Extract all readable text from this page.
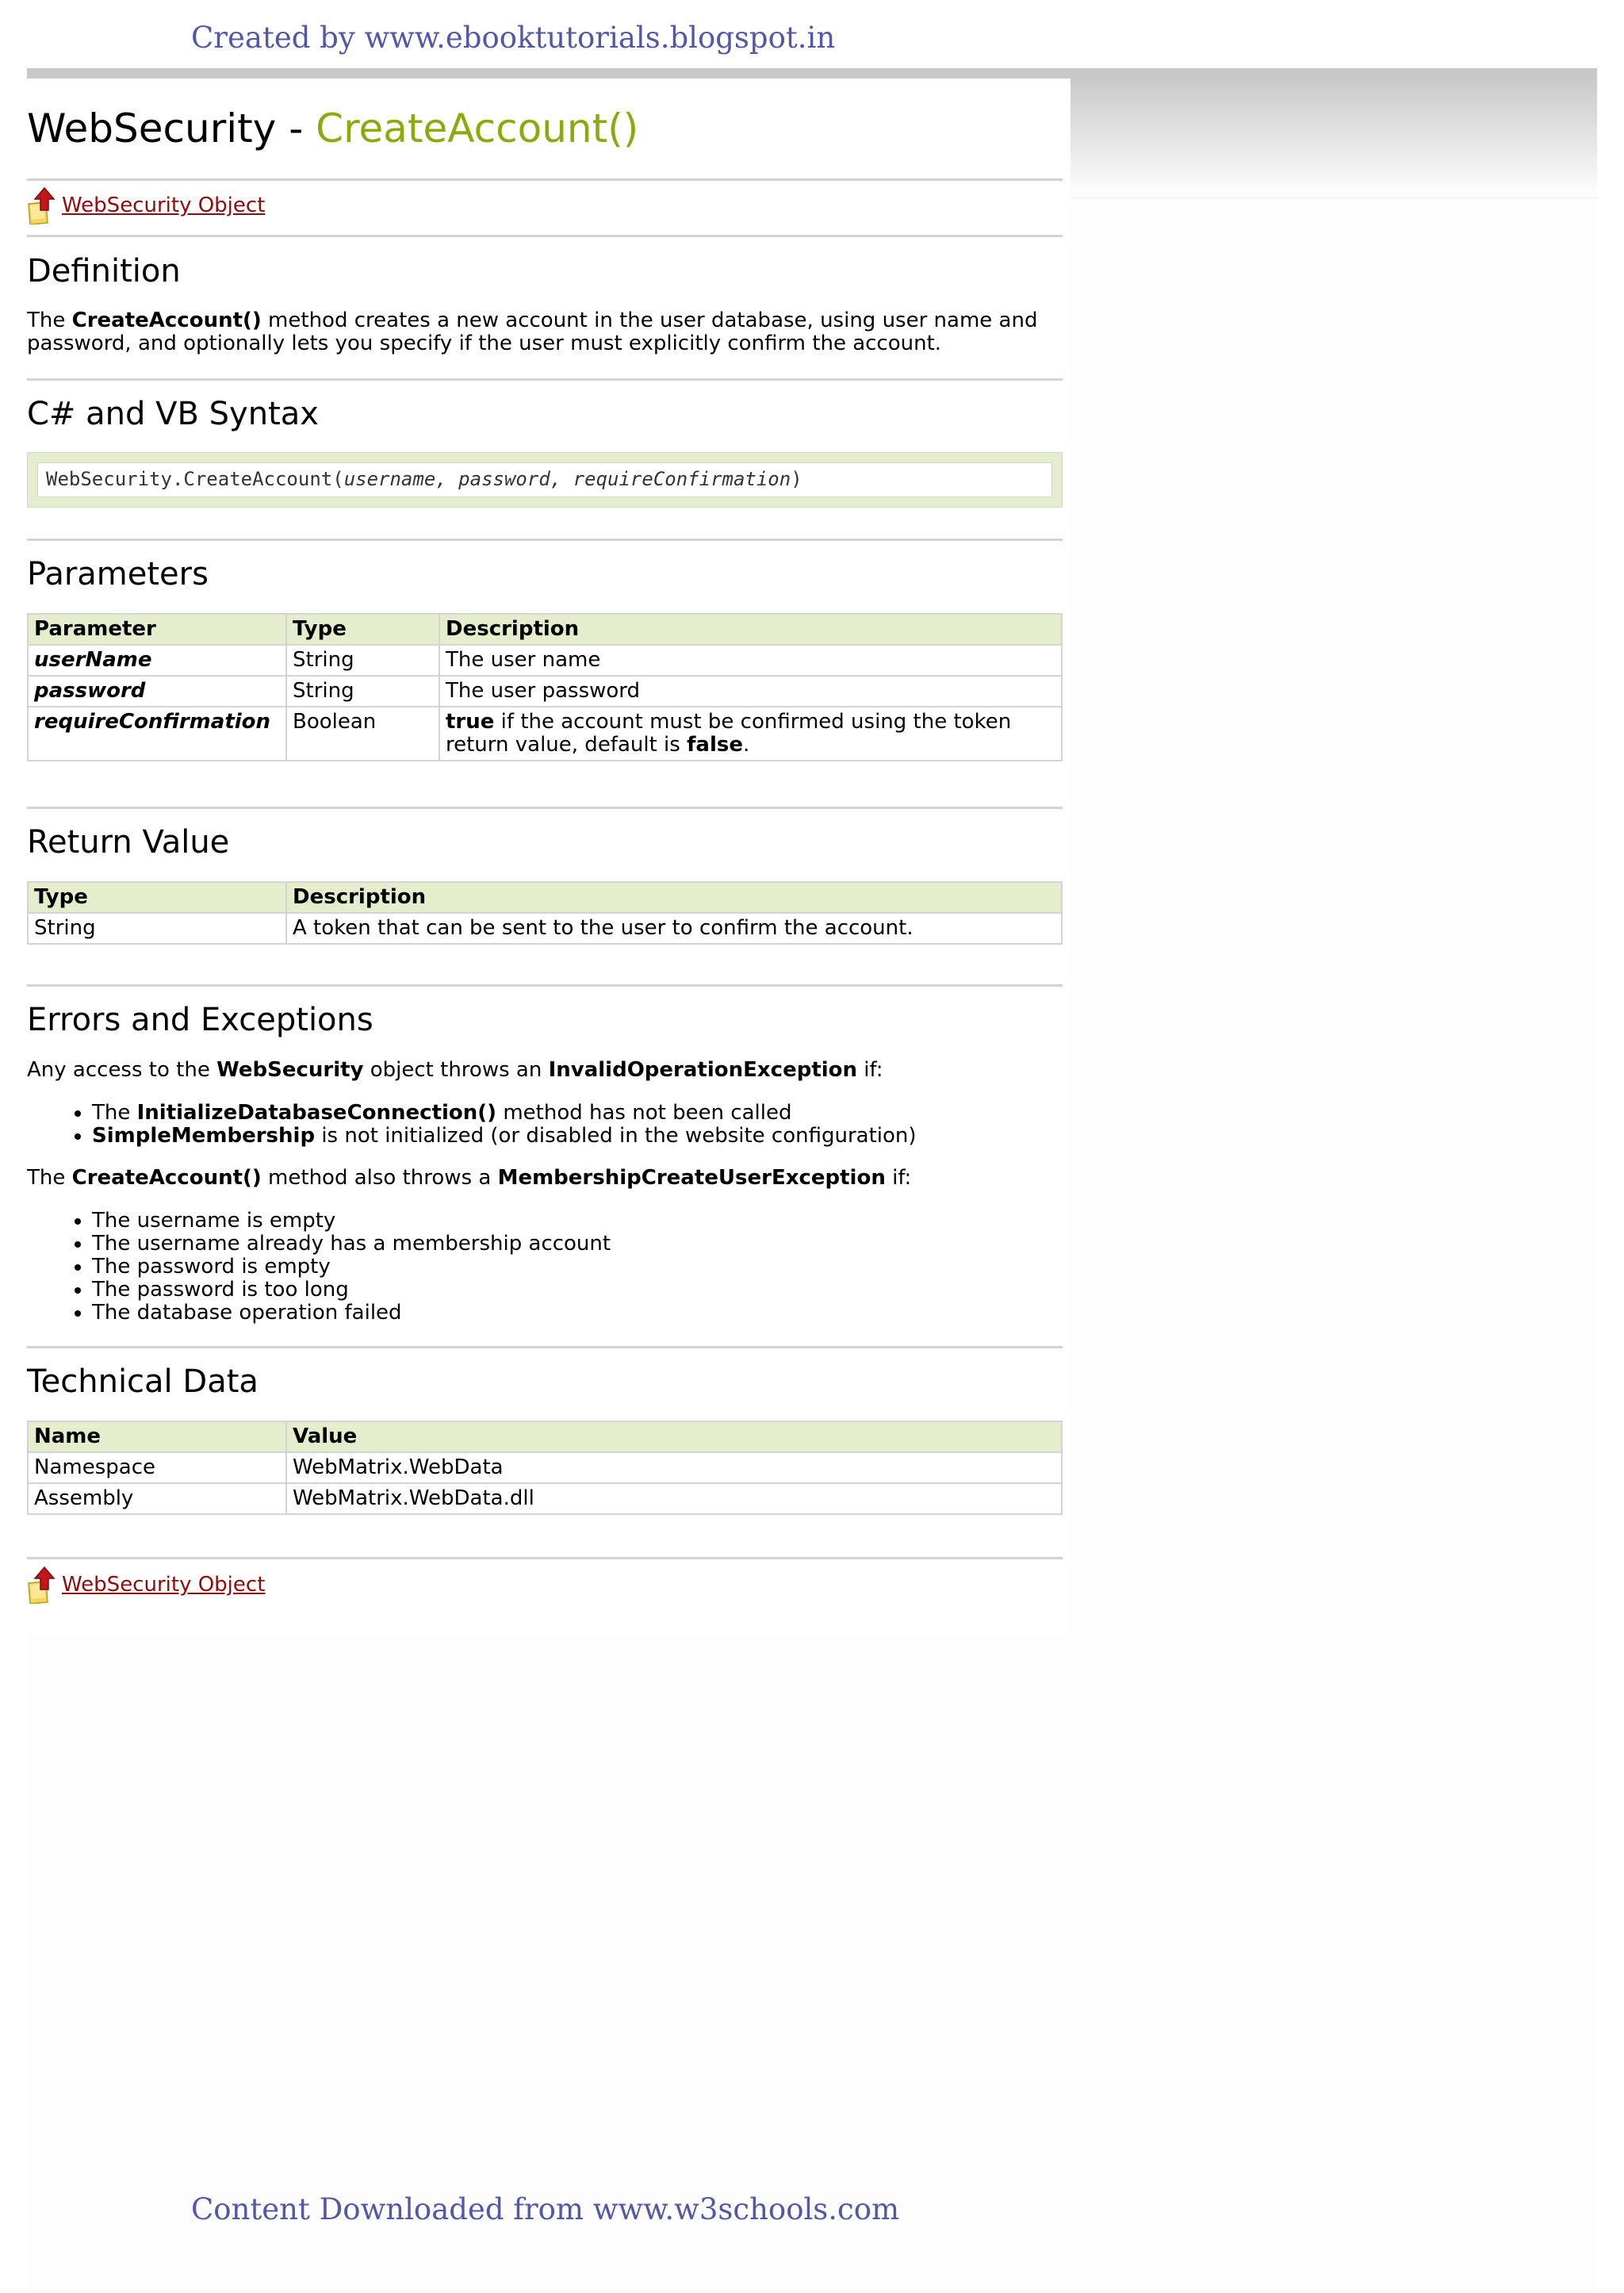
Created by www.ebooktutorials.blogspot.in

WebSecurity - CreateAccount()
WebSecurity Object
Definition

The CreateAccount() method creates a new account in the user database, using user name and password, and optionally lets you specify if the user must explicitly confirm the account.

C# and VB Syntax
WebSecurity.CreateAccount(username, password, requireConfirmation)
Parameters
Parameter	Type	Description
userName	String	The user name
password	String	The user password
requireConfirmation	Boolean	true if the account must be confirmed using the token return value, default is false.
Return Value
Type	Description
String	A token that can be sent to the user to confirm the account.
Errors and Exceptions

Any access to the WebSecurity object throws an InvalidOperationException if:

• The InitializeDatabaseConnection() method has not been called
• SimpleMembership is not initialized (or disabled in the website configuration)

The CreateAccount() method also throws a MembershipCreateUserException if:

• The username is empty
• The username already has a membership account
• The password is empty
• The password is too long
• The database operation failed
Technical Data
Name	Value
Namespace	WebMatrix.WebData
Assembly	WebMatrix.WebData.dll
WebSecurity Object

Content Downloaded from www.w3schools.com
